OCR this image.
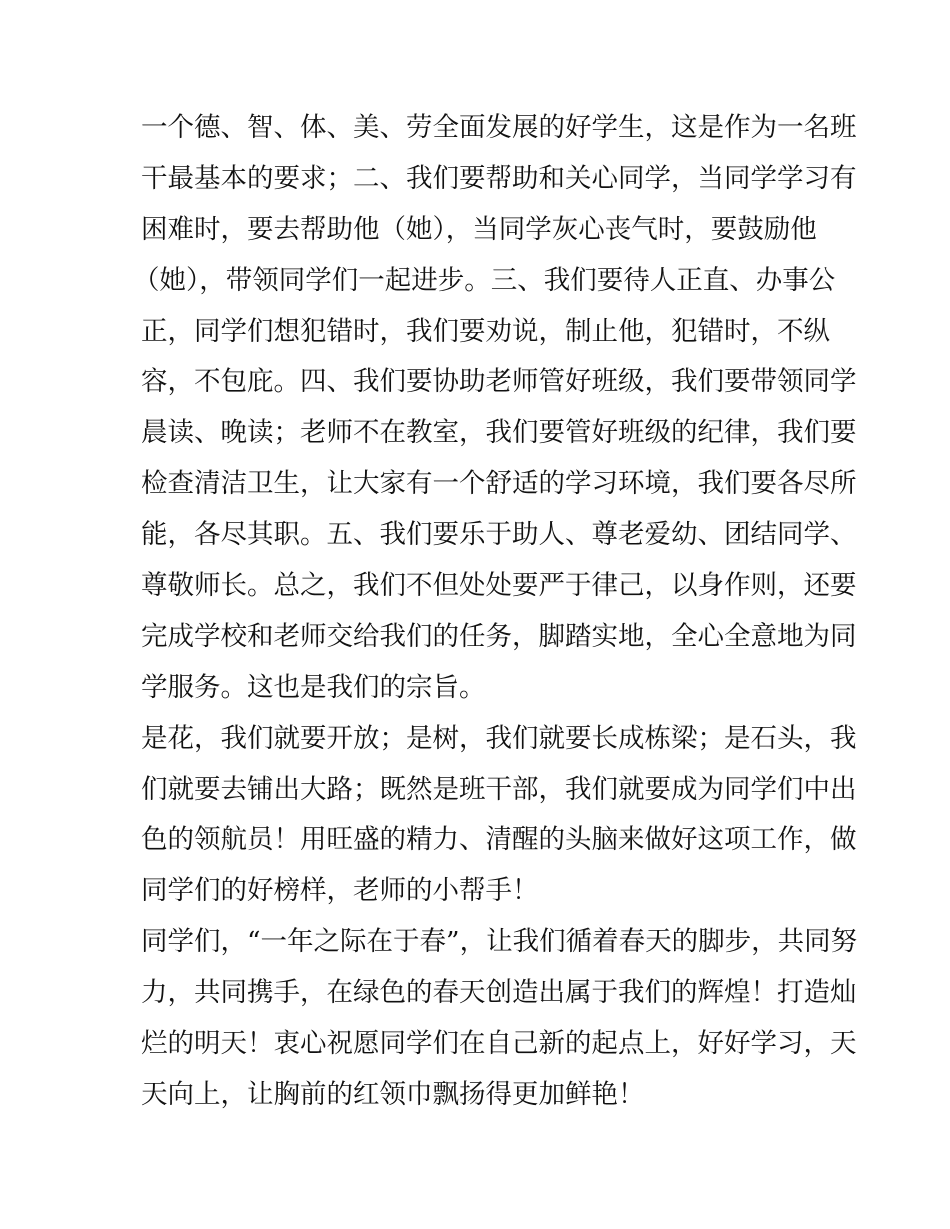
一个德、智、体、美、劳全面发展的好学生，这是作为一名班
干最基本的要求；二、我们要帮助和关心同学，当同学学习有
困难时，要去帮助他（她），当同学灰心丧气时，要鼓励他
（她），带领同学们一起进步。三、我们要待人正直、办事公
正，同学们想犯错时，我们要劝说，制止他，犯错时，不纵
容，不包庇。四、我们要协助老师管好班级，我们要带领同学
晨读、晚读；老师不在教室，我们要管好班级的纪律，我们要
检查清洁卫生，让大家有一个舒适的学习环境，我们要各尽所
能，各尽其职。五、我们要乐于助人、尊老爱幼、团结同学、
尊敬师长。总之，我们不但处处要严于律己，以身作则，还要
完成学校和老师交给我们的任务，脚踏实地，全心全意地为同
学服务。这也是我们的宗旨。
是花，我们就要开放；是树，我们就要长成栋梁；是石头，我
们就要去铺出大路；既然是班干部，我们就要成为同学们中出
色的领航员！用旺盛的精力、清醒的头脑来做好这项工作，做
同学们的好榜样，老师的小帮手！
同学们，“一年之际在于春”，让我们循着春天的脚步，共同努
力，共同携手，在绿色的春天创造出属于我们的辉煌！打造灿
烂的明天！衷心祝愿同学们在自己新的起点上，好好学习，天
天向上，让胸前的红领巾飘扬得更加鲜艳！
